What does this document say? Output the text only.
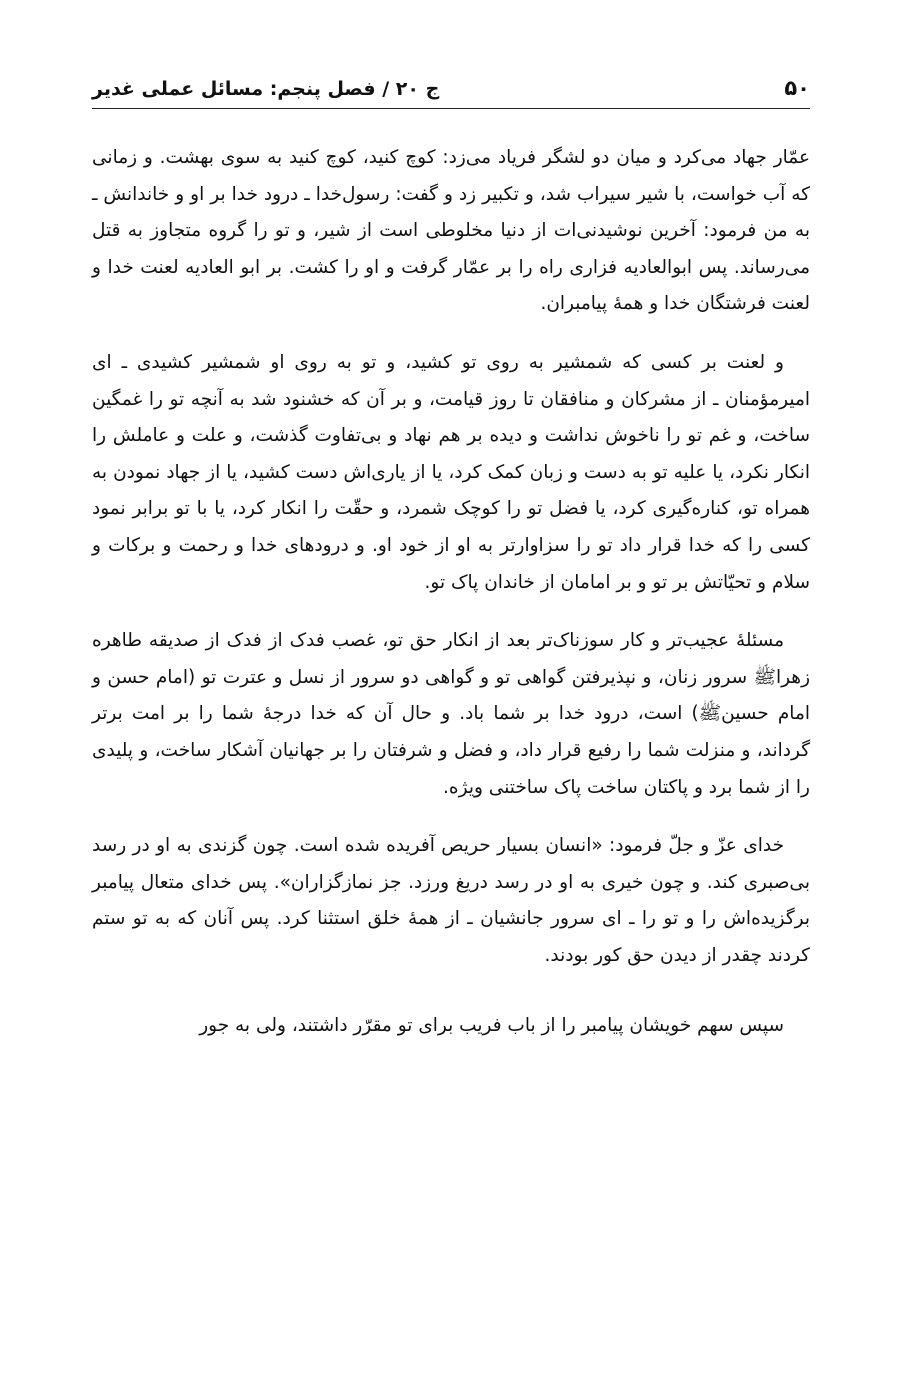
۵۰
ج ۲۰ / فصل پنجم: مسائل عملی غدیر

عمّار جهاد می‌کرد و میان دو لشگر فریاد می‌زد: کوچ کنید، کوچ کنید به سوی بهشت. و زمانی که آب خواست، با شیر سیراب شد، و تکبیر زد و گفت: رسول‌خدا ـ درود خدا بر او و خاندانش ـ به من فرمود: آخرین نوشیدنی‌ات از دنیا مخلوطی است از شیر، و تو را گروه متجاوز به قتل می‌رساند. پس ابوالعادیه فزاری راه را بر عمّار گرفت و او را کشت. بر ابو العادیه لعنت خدا و لعنت فرشتگان خدا و همهٔ پیامبران.

و لعنت بر کسی که شمشیر به روی تو کشید، و تو به روی او شمشیر کشیدی ـ ای امیرمؤمنان ـ از مشرکان و منافقان تا روز قیامت، و بر آن که خشنود شد به آنچه تو را غمگین ساخت، و غم تو را ناخوش نداشت و دیده بر هم نهاد و بی‌تفاوت گذشت، و علت و عاملش را انکار نکرد، یا علیه تو به دست و زبان کمک کرد، یا از یاری‌اش دست کشید، یا از جهاد نمودن به همراه تو، کناره‌گیری کرد، یا فضل تو را کوچک شمرد، و حقّت را انکار کرد، یا با تو برابر نمود کسی را که خدا قرار داد تو را سزاوارتر به او از خود او. و درودهای خدا و رحمت و برکات و سلام و تحیّاتش بر تو و بر امامان از خاندان پاک تو.

مسئلهٔ عجیب‌تر و کار سوزناک‌تر بعد از انکار حق تو، غصب فدک از فدک از صدیقه طاهره زهراﷺ سرور زنان، و نپذیرفتن گواهی تو و گواهی دو سرور از نسل و عترت تو (امام حسن و امام حسینﷺ) است، درود خدا بر شما باد. و حال آن که خدا درجهٔ شما را بر امت برتر گرداند، و منزلت شما را رفیع قرار داد، و فضل و شرفتان را بر جهانیان آشکار ساخت، و پلیدی را از شما برد و پاکتان ساخت پاک ساختنی ویژه.

خدای عزّ و جلّ فرمود: «انسان بسیار حریص آفریده شده است. چون گزندی به او در رسد بی‌صبری کند. و چون خیری به او در رسد دریغ ورزد. جز نمازگزاران». پس خدای متعال پیامبر برگزیده‌اش را و تو را ـ ای سرور جانشیان ـ از همهٔ خلق استثنا کرد. پس آنان که به تو ستم کردند چقدر از دیدن حق کور بودند.

سپس سهم خویشان پیامبر را از باب فریب برای تو مقرّر داشتند، ولی به جور
